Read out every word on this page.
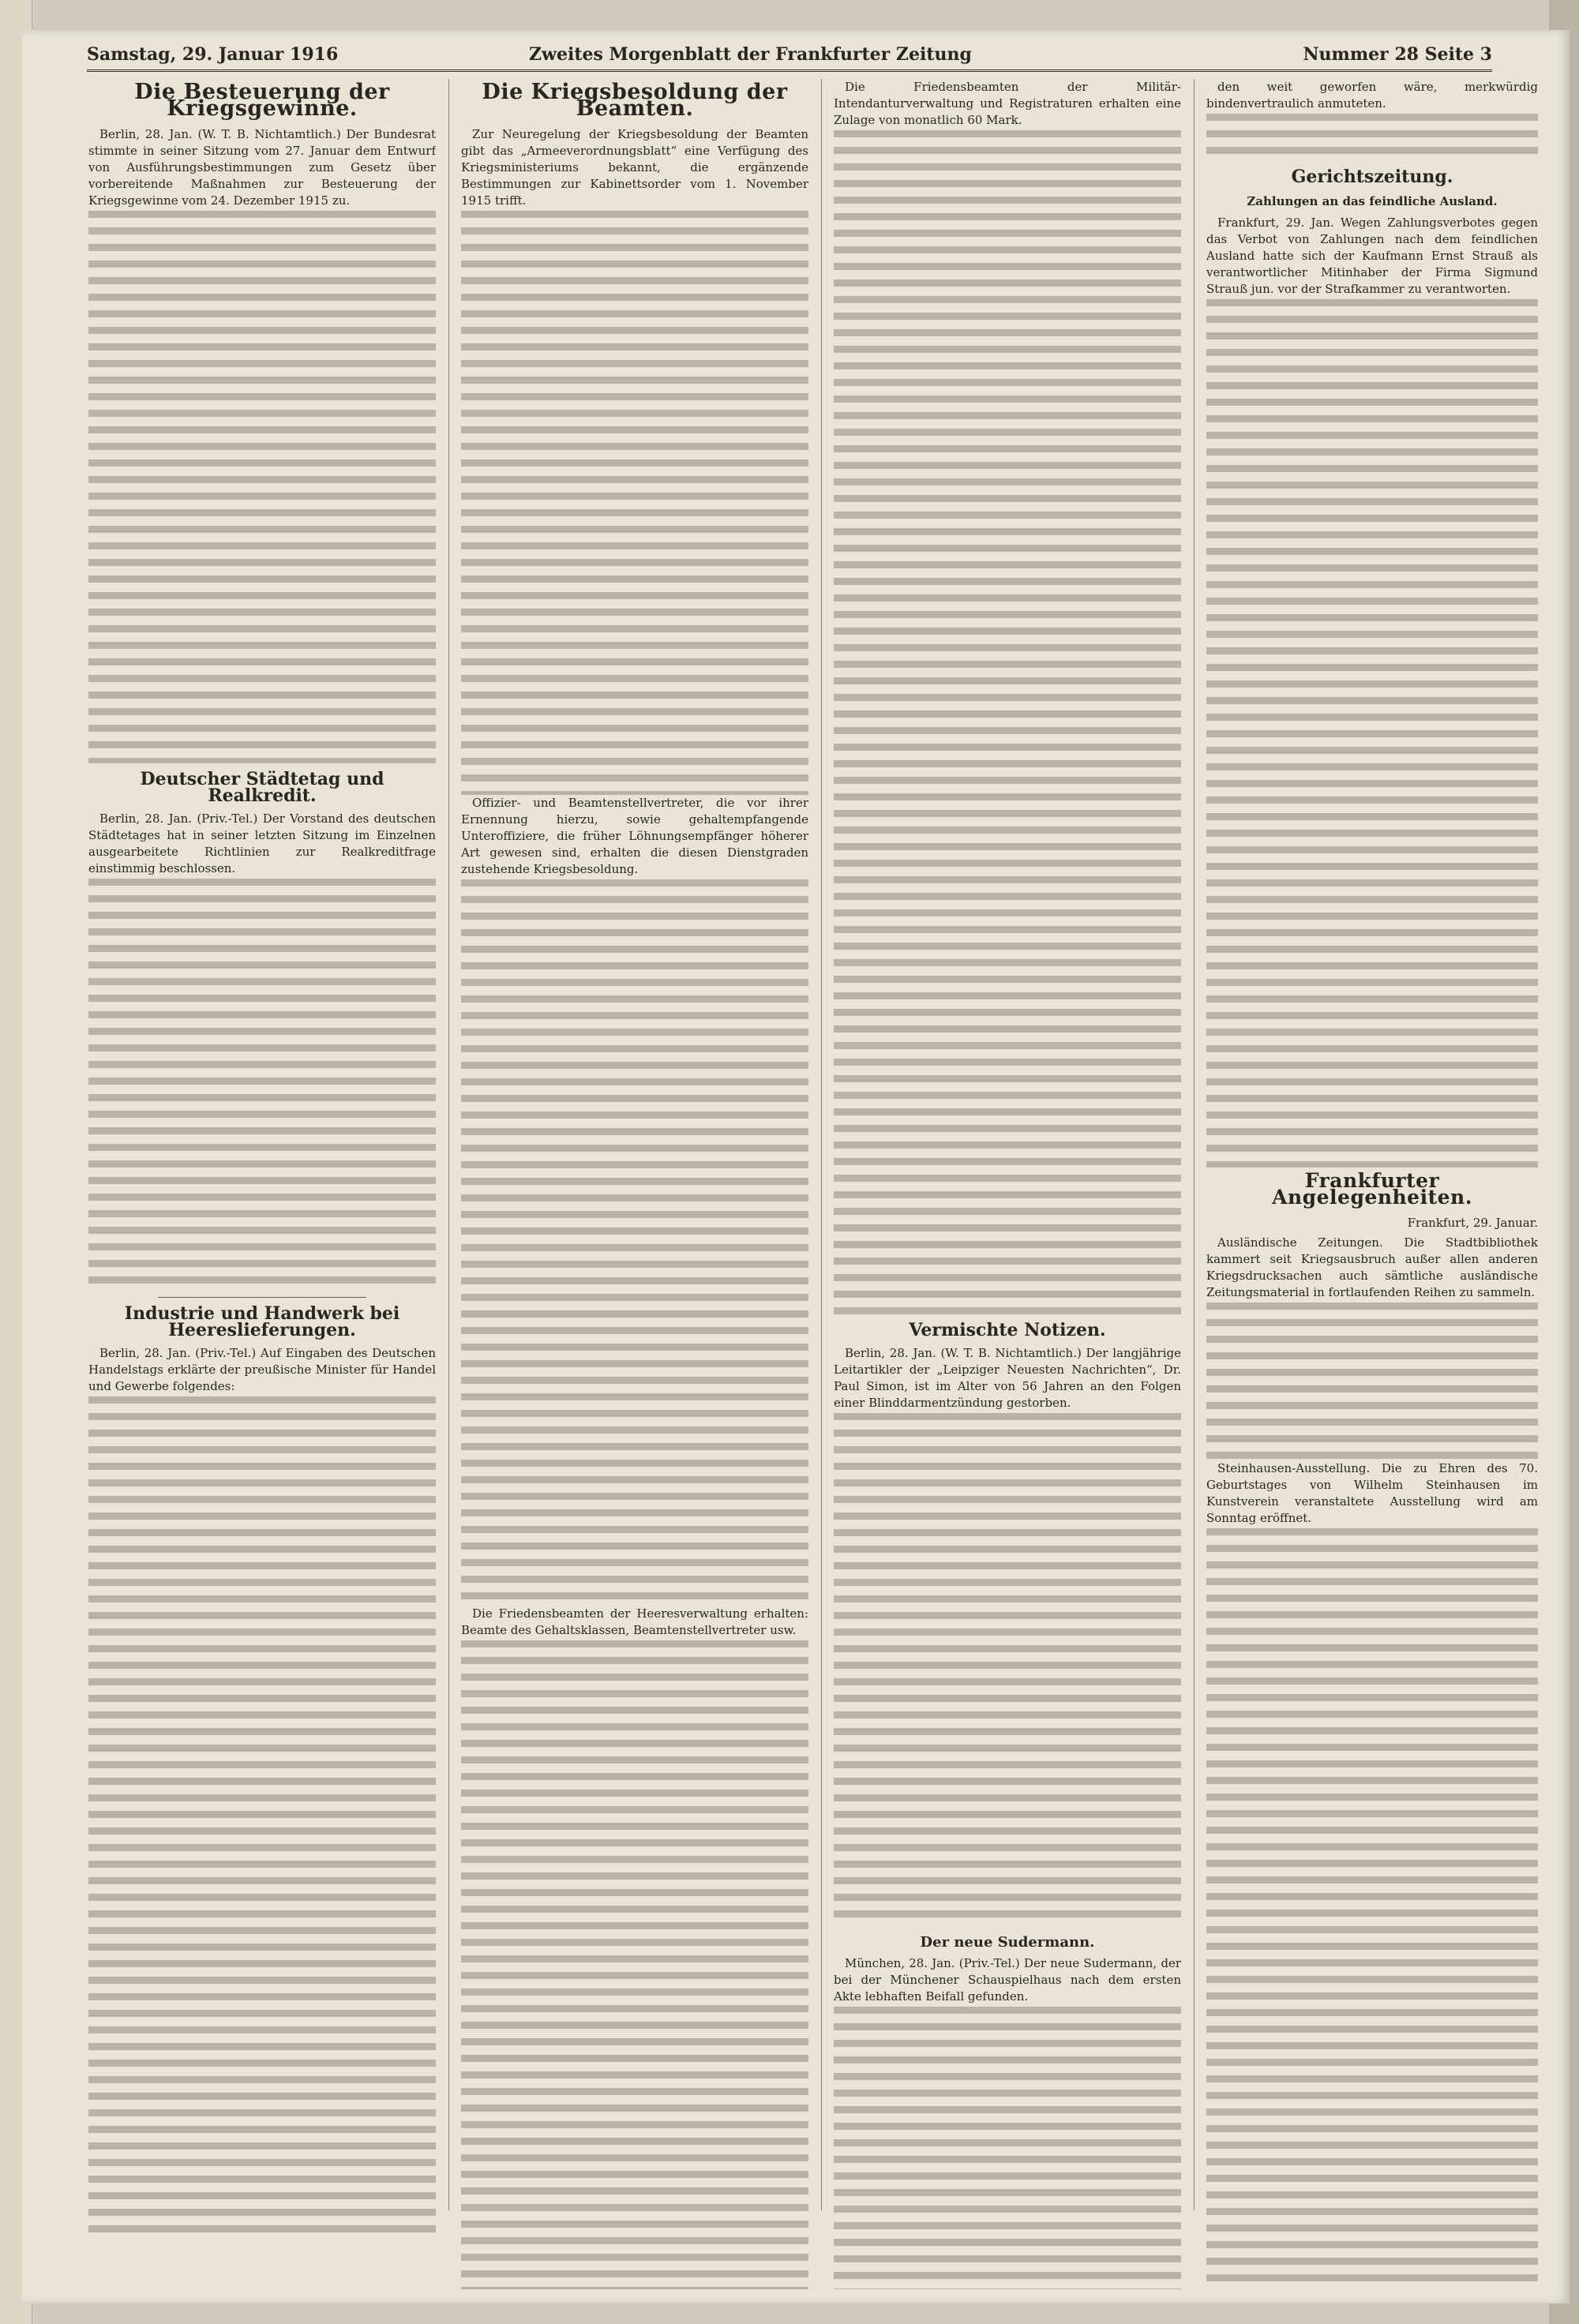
Samstag, 29. Januar 1916	Zweites Morgenblatt der Frankfurter Zeitung	Nummer 28 Seite 3
Die Besteuerung der Kriegsgewinne.

Berlin, 28. Jan. (W. T. B. Nichtamtlich.) Der Bundesrat stimmte in seiner Sitzung vom 27. Januar dem Entwurf von Ausführungsbestimmungen zum Gesetz über vorbereitende Maßnahmen zur Besteuerung der Kriegsgewinne vom 24. Dezember 1915 zu.

Deutscher Städtetag und Realkredit.

Berlin, 28. Jan. (Priv.-Tel.) Der Vorstand des deutschen Städtetages hat in seiner letzten Sitzung im Einzelnen ausgearbeitete Richtlinien zur Realkreditfrage einstimmig beschlossen.

Industrie und Handwerk bei Heereslieferungen.

Berlin, 28. Jan. (Priv.-Tel.) Auf Eingaben des Deutschen Handelstags erklärte der preußische Minister für Handel und Gewerbe folgendes:

Die Kriegsbesoldung der Beamten.

Zur Neuregelung der Kriegsbesoldung der Beamten gibt das „Armeeverordnungsblatt“ eine Verfügung des Kriegsministeriums bekannt, die ergänzende Bestimmungen zur Kabinettsorder vom 1. November 1915 trifft.

Offizier- und Beamtenstellvertreter, die vor ihrer Ernennung hierzu, sowie gehaltempfangende Unteroffiziere, die früher Löhnungsempfänger höherer Art gewesen sind, erhalten die diesen Dienstgraden zustehende Kriegsbesoldung.

Die Friedensbeamten der Heeresverwaltung erhalten: Beamte des Gehaltsklassen, Beamtenstellvertreter usw.

Die Friedensbeamten der Militär-Intendanturverwaltung und Registraturen erhalten eine Zulage von monatlich 60 Mark.

Vermischte Notizen.

Berlin, 28. Jan. (W. T. B. Nichtamtlich.) Der langjährige Leitartikler der „Leipziger Neuesten Nachrichten“, Dr. Paul Simon, ist im Alter von 56 Jahren an den Folgen einer Blinddarmentzündung gestorben.

Der neue Sudermann.

München, 28. Jan. (Priv.-Tel.) Der neue Sudermann, der bei der Münchener Schauspielhaus nach dem ersten Akte lebhaften Beifall gefunden.

den weit geworfen wäre, merkwürdig bindenvertraulich anmuteten.

Gerichtszeitung.
Zahlungen an das feindliche Ausland.

Frankfurt, 29. Jan. Wegen Zahlungsverbotes gegen das Verbot von Zahlungen nach dem feindlichen Ausland hatte sich der Kaufmann Ernst Strauß als verantwortlicher Mitinhaber der Firma Sigmund Strauß jun. vor der Strafkammer zu verantworten.

Frankfurter Angelegenheiten.
Frankfurt, 29. Januar.

Ausländische Zeitungen. Die Stadtbibliothek kammert seit Kriegsausbruch außer allen anderen Kriegsdrucksachen auch sämtliche ausländische Zeitungsmaterial in fortlaufenden Reihen zu sammeln.

Steinhausen-Ausstellung. Die zu Ehren des 70. Geburtstages von Wilhelm Steinhausen im Kunstverein veranstaltete Ausstellung wird am Sonntag eröffnet.
